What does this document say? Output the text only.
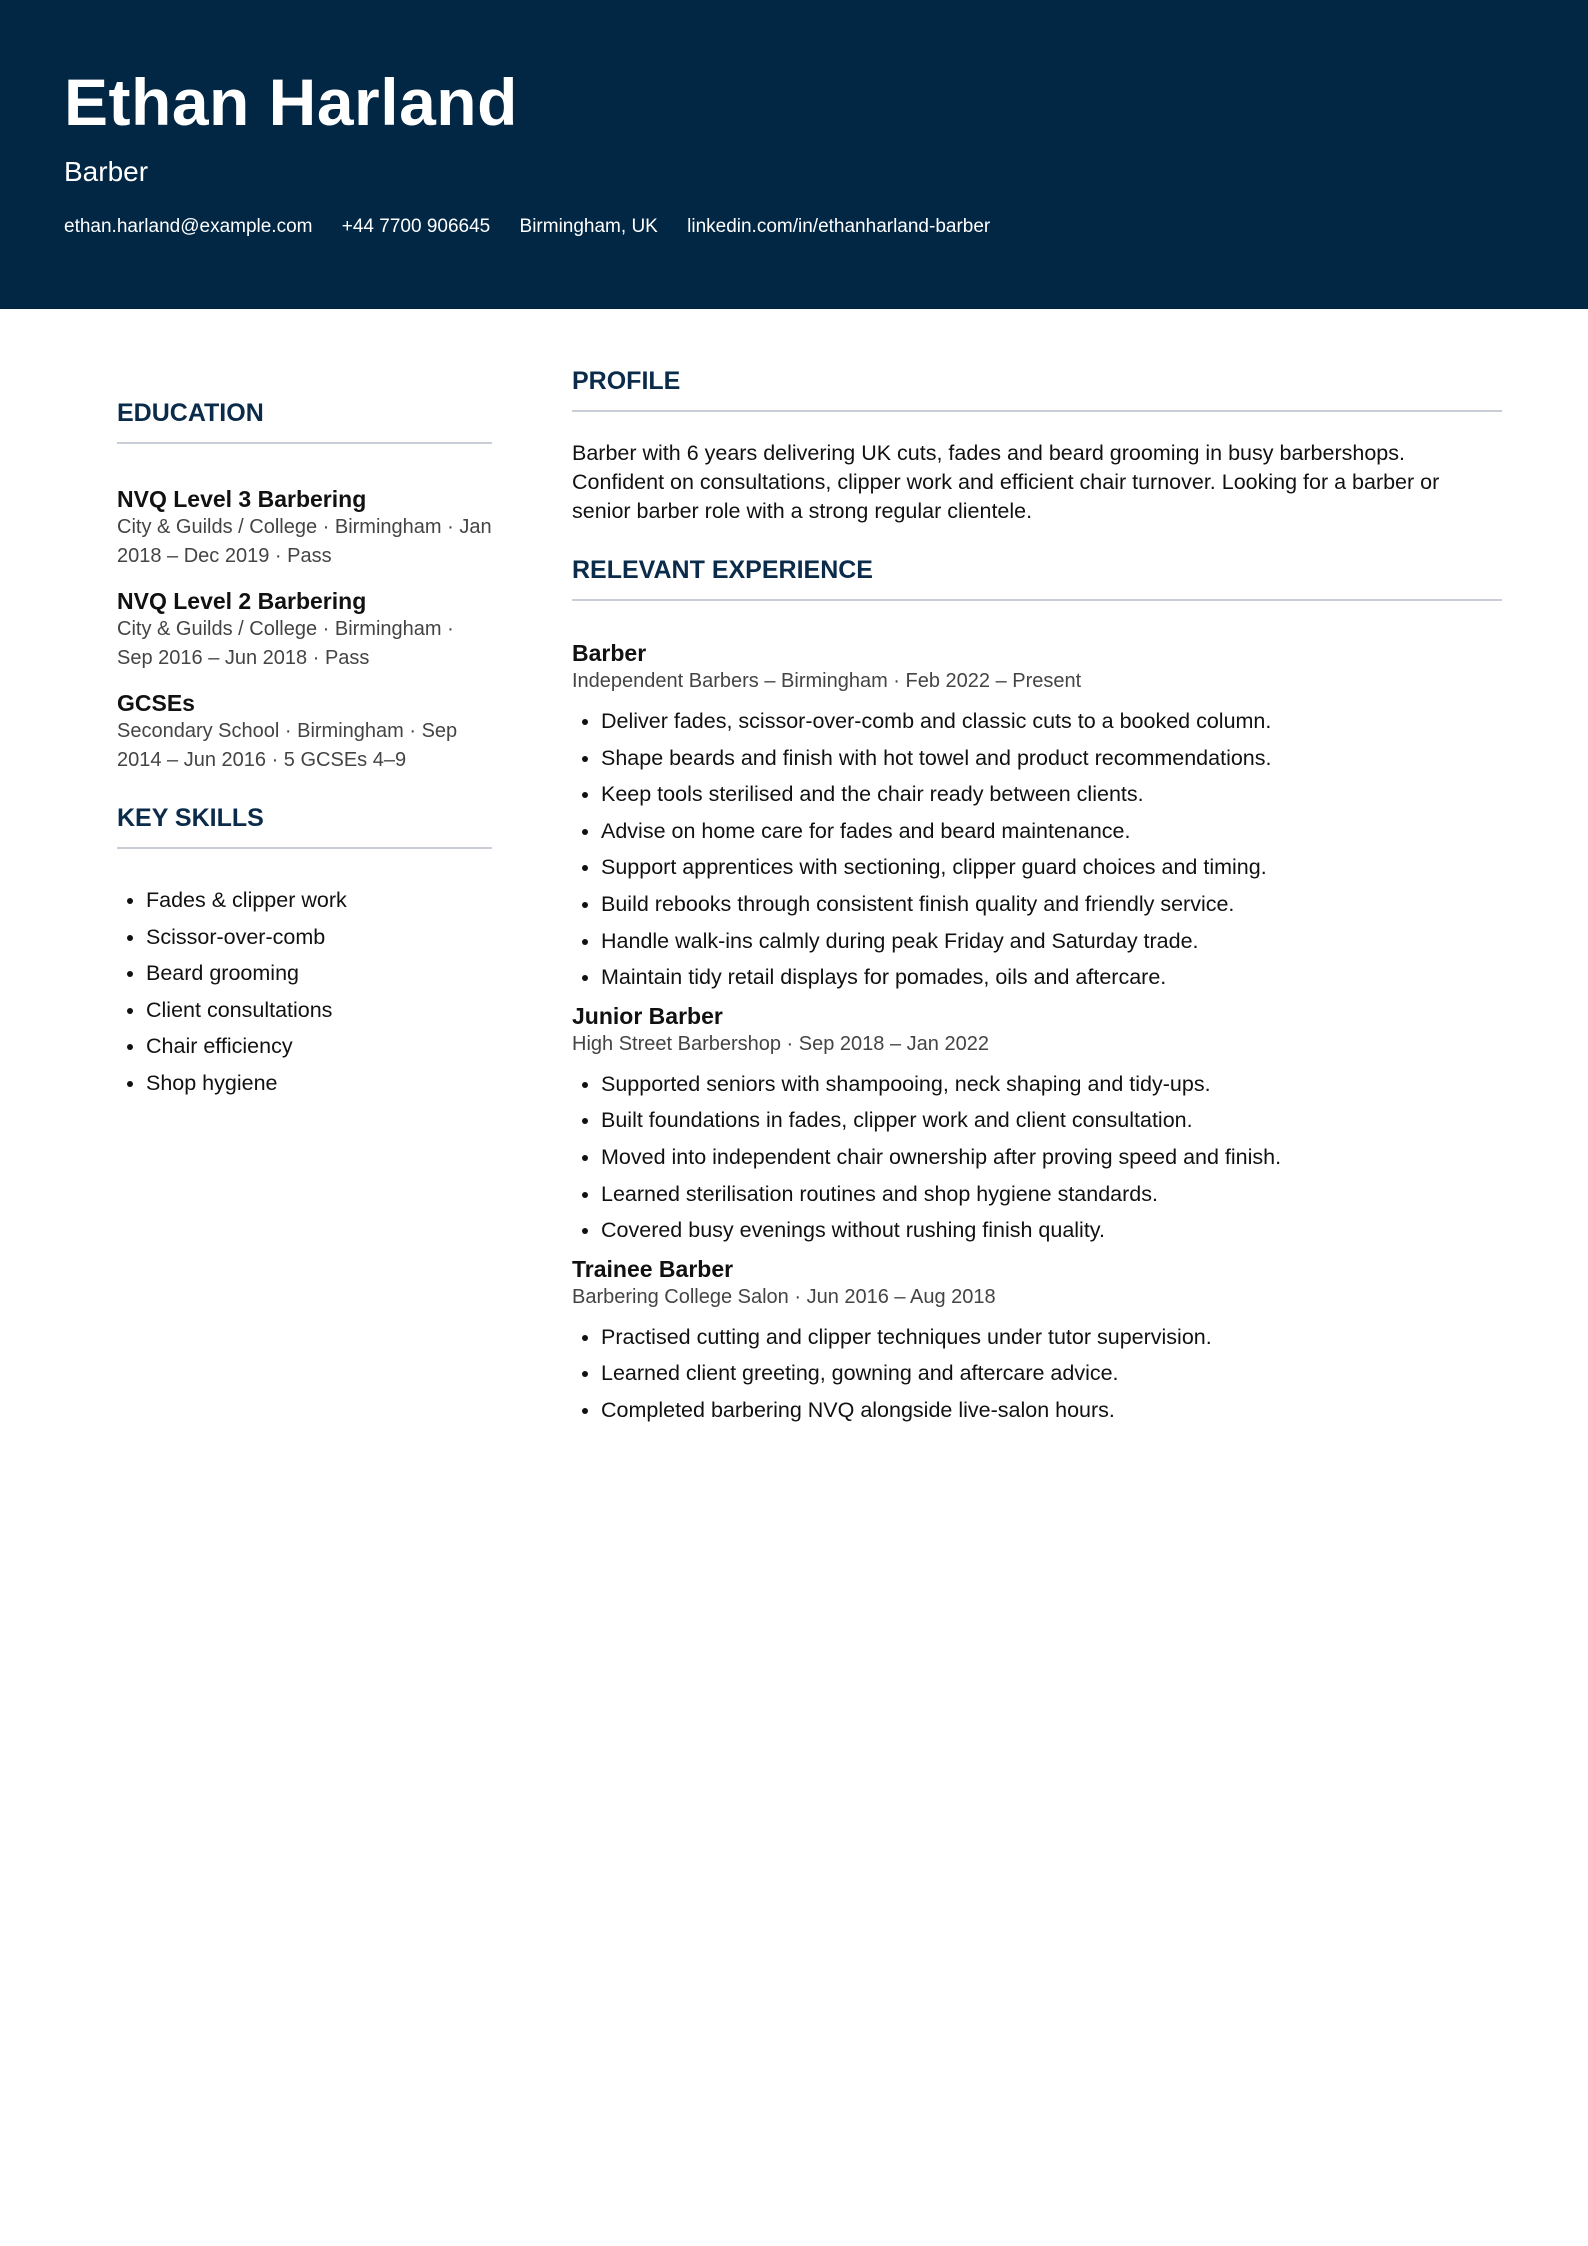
Ethan Harland
Barber
ethan.harland@example.com +44 7700 906645 Birmingham, UK linkedin.com/in/ethanharland-barber
EDUCATION
NVQ Level 3 Barbering
City & Guilds / College · Birmingham · Jan 2018 – Dec 2019 · Pass
NVQ Level 2 Barbering
City & Guilds / College · Birmingham · Sep 2016 – Jun 2018 · Pass
GCSEs
Secondary School · Birmingham · Sep 2014 – Jun 2016 · 5 GCSEs 4–9
KEY SKILLS
• Fades & clipper work
• Scissor-over-comb
• Beard grooming
• Client consultations
• Chair efficiency
• Shop hygiene
PROFILE
Barber with 6 years delivering UK cuts, fades and beard grooming in busy barbershops. Confident on consultations, clipper work and efficient chair turnover. Looking for a barber or senior barber role with a strong regular clientele.
RELEVANT EXPERIENCE
Barber
Independent Barbers – Birmingham · Feb 2022 – Present
• Deliver fades, scissor-over-comb and classic cuts to a booked column.
• Shape beards and finish with hot towel and product recommendations.
• Keep tools sterilised and the chair ready between clients.
• Advise on home care for fades and beard maintenance.
• Support apprentices with sectioning, clipper guard choices and timing.
• Build rebooks through consistent finish quality and friendly service.
• Handle walk-ins calmly during peak Friday and Saturday trade.
• Maintain tidy retail displays for pomades, oils and aftercare.
Junior Barber
High Street Barbershop · Sep 2018 – Jan 2022
• Supported seniors with shampooing, neck shaping and tidy-ups.
• Built foundations in fades, clipper work and client consultation.
• Moved into independent chair ownership after proving speed and finish.
• Learned sterilisation routines and shop hygiene standards.
• Covered busy evenings without rushing finish quality.
Trainee Barber
Barbering College Salon · Jun 2016 – Aug 2018
• Practised cutting and clipper techniques under tutor supervision.
• Learned client greeting, gowning and aftercare advice.
• Completed barbering NVQ alongside live-salon hours.
